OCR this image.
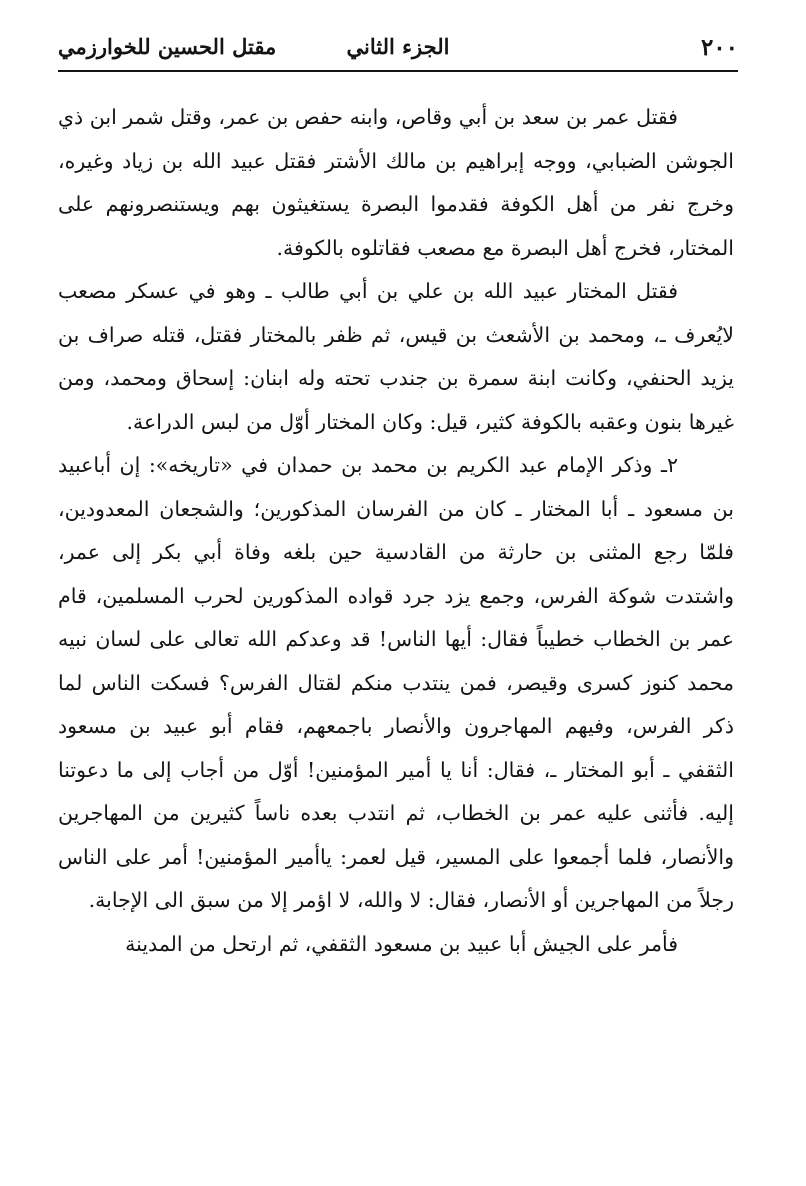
٢٠٠
الجزء الثاني
مقتل الحسين للخوارزمي

فقتل عمر بن سعد بن أبي وقاص، وابنه حفص بن عمر، وقتل شمر ابن ذي الجوشن الضبابي، ووجه إبراهيم بن مالك الأشتر فقتل عبيد الله بن زياد وغيره، وخرج نفر من أهل الكوفة فقدموا البصرة يستغيثون بهم ويستنصرونهم على المختار، فخرج أهل البصرة مع مصعب فقاتلوه بالكوفة.

فقتل المختار عبيد الله بن علي بن أبي طالب ـ وهو في عسكر مصعب لايُعرف ـ، ومحمد بن الأشعث بن قيس، ثم ظفر بالمختار فقتل، قتله صراف بن يزيد الحنفي، وكانت ابنة سمرة بن جندب تحته وله ابنان: إسحاق ومحمد، ومن غيرها بنون وعقبه بالكوفة كثير، قيل: وكان المختار أوّل من لبس الدراعة.

٢ـ وذكر الإمام عبد الكريم بن محمد بن حمدان في «تاريخه»: إن أباعبيد بن مسعود ـ أبا المختار ـ كان من الفرسان المذكورين؛ والشجعان المعدودين، فلمّا رجع المثنى بن حارثة من القادسية حين بلغه وفاة أبي بكر إلى عمر، واشتدت شوكة الفرس، وجمع يزد جرد قواده المذكورين لحرب المسلمين، قام عمر بن الخطاب خطيباً فقال: أيها الناس! قد وعدكم الله تعالى على لسان نبيه محمد كنوز كسرى وقيصر، فمن ينتدب منكم لقتال الفرس؟ فسكت الناس لما ذكر الفرس، وفيهم المهاجرون والأنصار باجمعهم، فقام أبو عبيد بن مسعود الثقفي ـ أبو المختار ـ، فقال: أنا يا أمير المؤمنين! أوّل من أجاب إلى ما دعوتنا إليه. فأثنى عليه عمر بن الخطاب، ثم انتدب بعده ناساً كثيرين من المهاجرين والأنصار، فلما أجمعوا على المسير، قيل لعمر: ياأمير المؤمنين! أمر على الناس رجلاً من المهاجرين أو الأنصار، فقال: لا والله، لا اؤمر إلا من سبق الى الإجابة.

فأمر على الجيش أبا عبيد بن مسعود الثقفي، ثم ارتحل من المدينة
